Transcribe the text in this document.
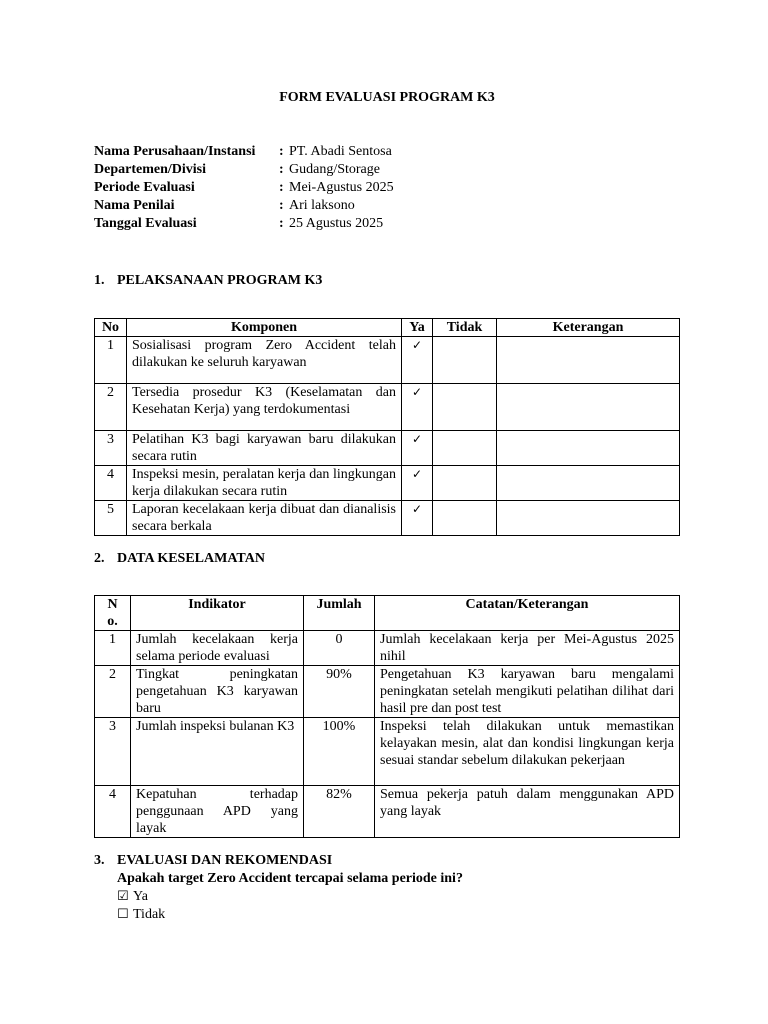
FORM EVALUASI PROGRAM K3
Nama Perusahaan/Instansi	: PT. Abadi Sentosa
Departemen/Divisi	: Gudang/Storage
Periode Evaluasi	: Mei-Agustus 2025
Nama Penilai	: Ari laksono
Tanggal Evaluasi	: 25 Agustus 2025
1. PELAKSANAAN PROGRAM K3
No	Komponen	Ya	Tidak	Keterangan
1	Sosialisasi program Zero Accident telah dilakukan ke seluruh karyawan	✓		

2	Tersedia prosedur K3 (Keselamatan dan Kesehatan Kerja) yang terdokumentasi	✓		

3	Pelatihan K3 bagi karyawan baru dilakukan secara rutin	✓		

4	Inspeksi mesin, peralatan kerja dan lingkungan kerja dilakukan secara rutin	✓		

5	Laporan kecelakaan kerja dibuat dan dianalisis secara berkala	✓		

2. DATA KESELAMATAN
No.	Indikator	Jumlah	Catatan/Keterangan
1	Jumlah kecelakaan kerja selama periode evaluasi	0	Jumlah kecelakaan kerja per Mei-Agustus 2025 nihil
2	Tingkat peningkatan pengetahuan K3 karyawan baru	90%	Pengetahuan K3 karyawan baru mengalami peningkatan setelah mengikuti pelatihan dilihat dari hasil pre dan post test
3	Jumlah inspeksi bulanan K3	100%	Inspeksi telah dilakukan untuk memastikan kelayakan mesin, alat dan kondisi lingkungan kerja sesuai standar sebelum dilakukan pekerjaan
4	Kepatuhan terhadap penggunaan APD yang layak	82%	Semua pekerja patuh dalam menggunakan APD yang layak
3. EVALUASI DAN REKOMENDASI
Apakah target Zero Accident tercapai selama periode ini?
☑ Ya
☐ Tidak
